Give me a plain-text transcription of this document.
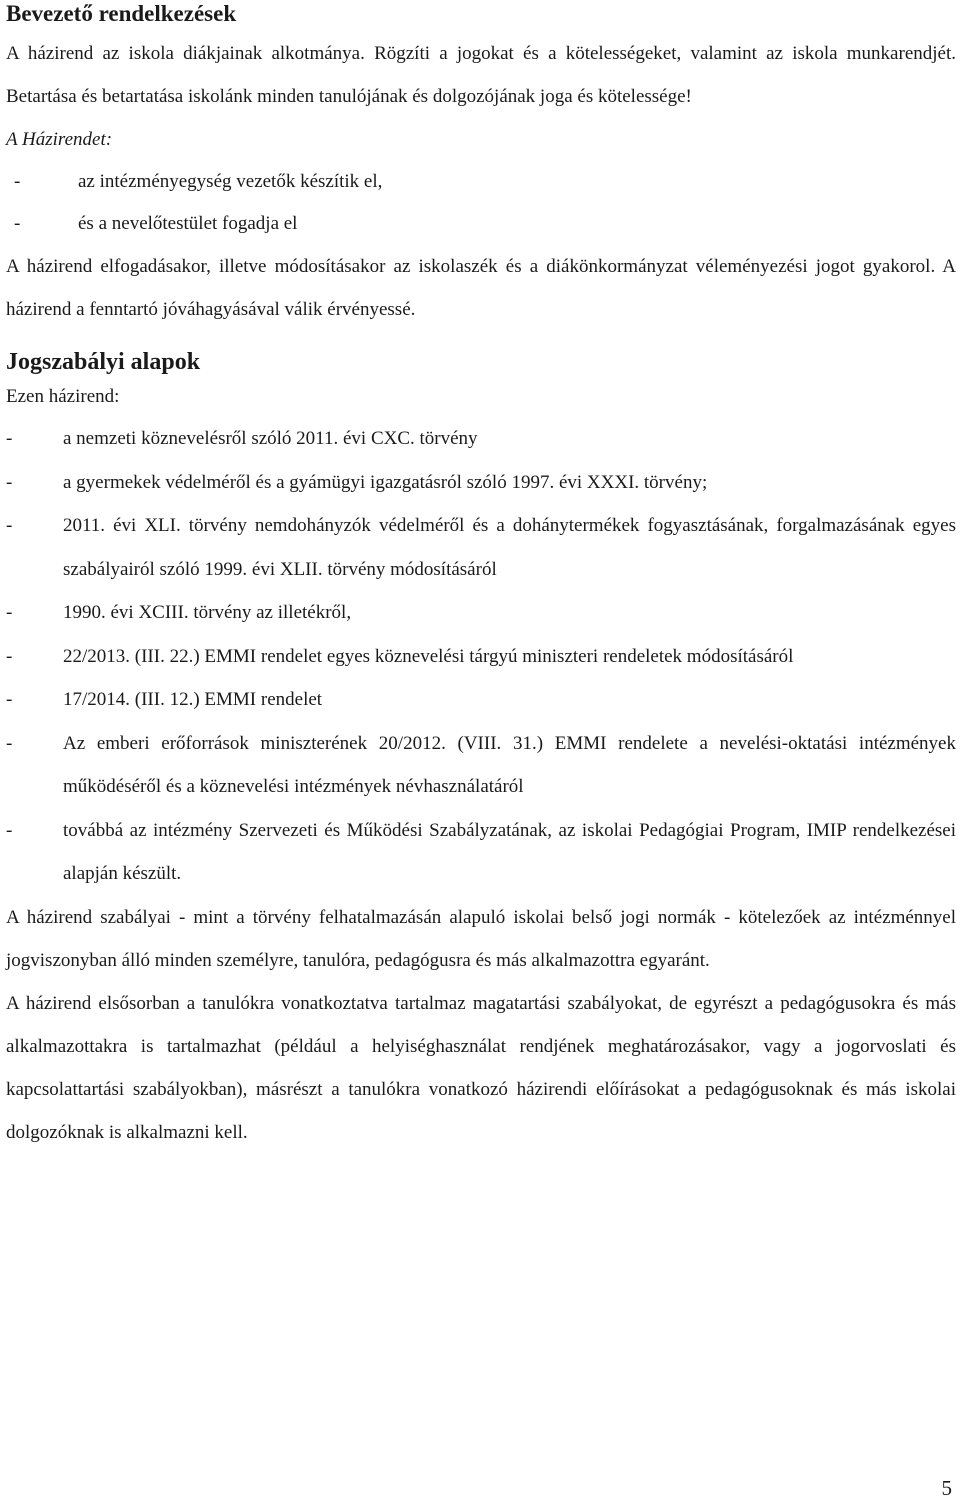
Bevezető rendelkezések

A házirend az iskola diákjainak alkotmánya. Rögzíti a jogokat és a kötelességeket, valamint az iskola munkarendjét. Betartása és betartatása iskolánk minden tanulójának és dolgozójának joga és kötelessége!

A Házirendet:

-	az intézményegység vezetők készítik el,
-	és a nevelőtestület fogadja el

A házirend elfogadásakor, illetve módosításakor az iskolaszék és a diákönkormányzat véleményezési jogot gyakorol. A házirend a fenntartó jóváhagyásával válik érvényessé.

Jogszabályi alapok

Ezen házirend:

-	a nemzeti köznevelésről szóló 2011. évi CXC. törvény
-	a gyermekek védelméről és a gyámügyi igazgatásról szóló 1997. évi XXXI. törvény;
-	2011. évi XLI. törvény nemdohányzók védelméről és a dohánytermékek fogyasztásának, forgalmazásának egyes szabályairól szóló 1999. évi XLII. törvény módosításáról
-	1990. évi XCIII. törvény az illetékről,
-	22/2013. (III. 22.) EMMI rendelet egyes köznevelési tárgyú miniszteri rendeletek módosításáról
-	17/2014. (III. 12.) EMMI rendelet
-	Az emberi erőforrások miniszterének 20/2012. (VIII. 31.) EMMI rendelete a nevelési-oktatási intézmények működéséről és a köznevelési intézmények névhasználatáról
-	továbbá az intézmény Szervezeti és Működési Szabályzatának, az iskolai Pedagógiai Program, IMIP rendelkezései alapján készült.

A házirend szabályai - mint a törvény felhatalmazásán alapuló iskolai belső jogi normák - kötelezőek az intézménnyel jogviszonyban álló minden személyre, tanulóra, pedagógusra és más alkalmazottra egyaránt.

A házirend elsősorban a tanulókra vonatkoztatva tartalmaz magatartási szabályokat, de egyrészt a pedagógusokra és más alkalmazottakra is tartalmazhat (például a helyiséghasználat rendjének meghatározásakor, vagy a jogorvoslati és kapcsolattartási szabályokban), másrészt a tanulókra vonatkozó házirendi előírásokat a pedagógusoknak és más iskolai dolgozóknak is alkalmazni kell.

5
